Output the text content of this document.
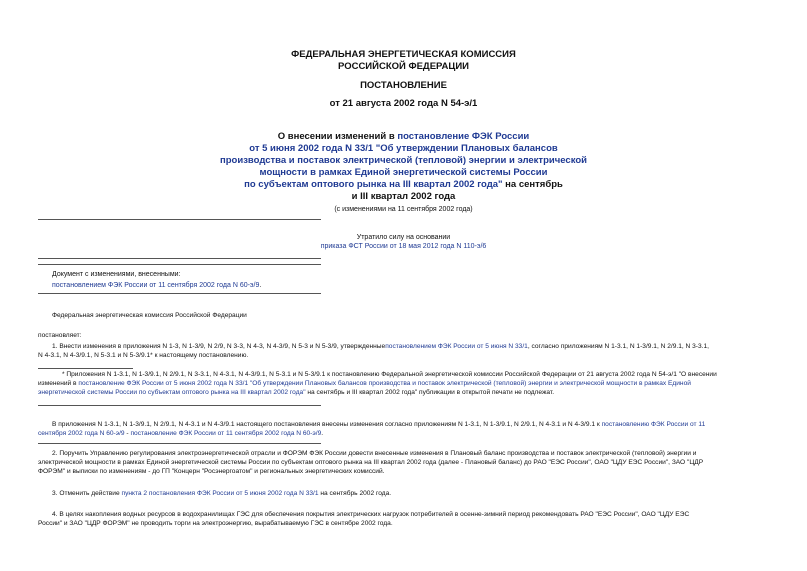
ФЕДЕРАЛЬНАЯ ЭНЕРГЕТИЧЕСКАЯ КОМИССИЯ
РОССИЙСКОЙ ФЕДЕРАЦИИ
ПОСТАНОВЛЕНИЕ
от 21 августа 2002 года N 54-э/1
О внесении изменений в постановление ФЭК России
от 5 июня 2002 года N 33/1 "Об утверждении Плановых балансов
производства и поставок электрической (тепловой) энергии и электрической
мощности в рамках Единой энергетической системы России
по субъектам оптового рынка на III квартал 2002 года" на сентябрь
и III квартал 2002 года
(с изменениями на 11 сентября 2002 года)
Утратило силу на основании
приказа ФСТ России от 18 мая 2012 года N 110-э/6
Документ с изменениями, внесенными:
постановлением ФЭК России от 11 сентября 2002 года N 60-э/9.
Федеральная энергетическая комиссия Российской Федерации
постановляет:
1. Внести изменения в приложения N 1-3, N 1-3/9, N 2/9, N 3-3, N 4-3, N 4-3/9, N 5-3 и N 5-3/9, утвержденныепостановлением ФЭК России от 5 июня N 33/1, согласно приложениям N 1-3.1, N 1-3/9.1, N 2/9.1, N 3-3.1,
N 4-3.1, N 4-3/9.1, N 5-3.1 и N 5-3/9.1* к настоящему постановлению.
* Приложения N 1-3.1, N 1-3/9.1, N 2/9.1, N 3-3.1, N 4-3.1, N 4-3/9.1, N 5-3.1 и N 5-3/9.1 к постановлению Федеральной энергетической комиссии Российской Федерации от 21 августа 2002 года N 54-э/1 "О внесении
изменений в постановление ФЭК России от 5 июня 2002 года N 33/1 "Об утверждении Плановых балансов производства и поставок электрической (тепловой) энергии и электрической мощности в рамках Единой
энергетической системы России по субъектам оптового рынка на III квартал 2002 года" на сентябрь и III квартал 2002 года" публикации в открытой печати не подлежат.
В приложения N 1-3.1, N 1-3/9.1, N 2/9.1, N 4-3.1 и N 4-3/9.1 настоящего постановления внесены изменения согласно приложениям N 1-3.1, N 1-3/9.1, N 2/9.1, N 4-3.1 и N 4-3/9.1 к постановлению ФЭК России от 11
сентября 2002 года N 60-э/9 - постановление ФЭК России от 11 сентября 2002 года N 60-э/9.
2. Поручить Управлению регулирования электроэнергетической отрасли и ФОРЭМ ФЭК России довести внесенные изменения в Плановый баланс производства и поставок электрической (тепловой) энергии и
электрической мощности в рамках Единой энергетической системы России по субъектам оптового рынка на III квартал 2002 года (далее - Плановый баланс) до РАО "ЕЭС России", ОАО "ЦДУ ЕЭС России", ЗАО "ЦДР
ФОРЭМ" и выписки по изменениям - до ГП "Концерн "Росэнергоатом" и региональных энергетических комиссий.
3. Отменить действие пункта 2 постановления ФЭК России от 5 июня 2002 года N 33/1 на сентябрь 2002 года.
4. В целях накопления водных ресурсов в водохранилищах ГЭС для обеспечения покрытия электрических нагрузок потребителей в осенне-зимний период рекомендовать РАО "ЕЭС России", ОАО "ЦДУ ЕЭС
России" и ЗАО "ЦДР ФОРЭМ" не проводить торги на электроэнергию, вырабатываемую ГЭС в сентябре 2002 года.
